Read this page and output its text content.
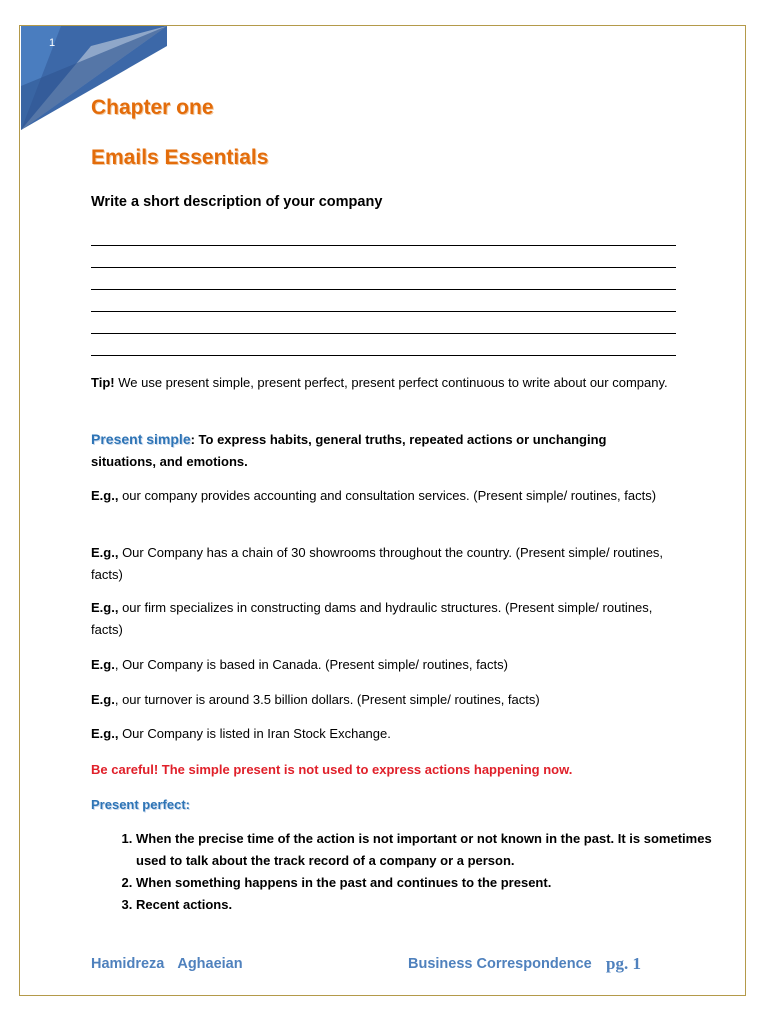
1
Chapter one
Emails Essentials
Write a short description of your company
Tip! We use present simple, present perfect, present perfect continuous to write about our company.
Present simple: To express habits, general truths, repeated actions or unchanging situations, and emotions.
E.g., our company provides accounting and consultation services. (Present simple/ routines, facts)
E.g., Our Company has a chain of 30 showrooms throughout the country. (Present simple/ routines, facts)
E.g., our firm specializes in constructing dams and hydraulic structures. (Present simple/ routines, facts)
E.g., Our Company is based in Canada. (Present simple/ routines, facts)
E.g., our turnover is around 3.5 billion dollars. (Present simple/ routines, facts)
E.g., Our Company is listed in Iran Stock Exchange.
Be careful! The simple present is not used to express actions happening now.
Present perfect:
1. When the precise time of the action is not important or not known in the past. It is sometimes used to talk about the track record of a company or a person.
2. When something happens in the past and continues to the present.
3. Recent actions.
Hamidreza Aghaeian	Business Correspondence pg. 1
